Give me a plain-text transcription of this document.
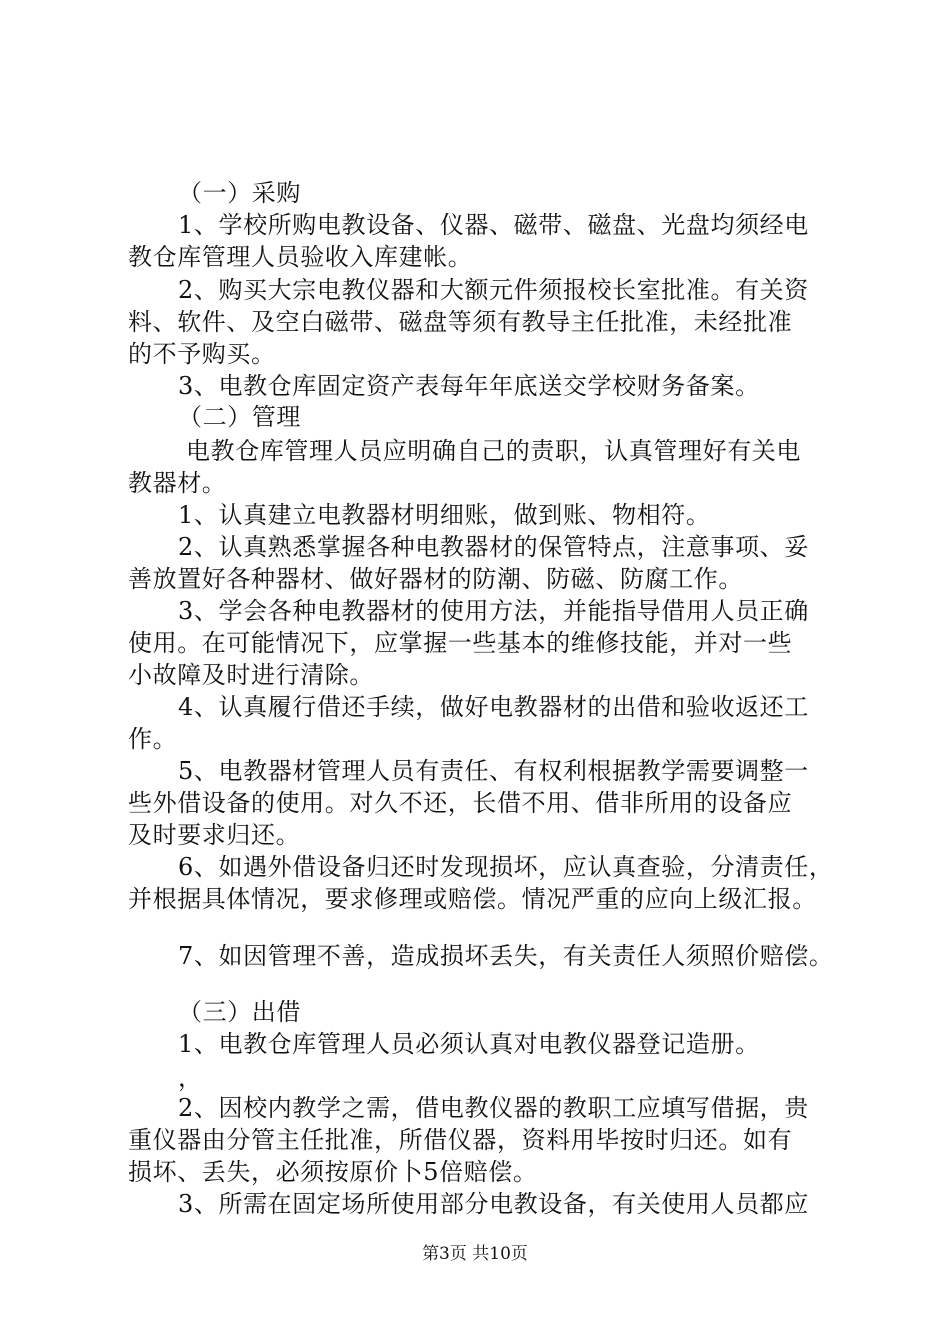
（一）采购
1、学校所购电教设备、仪器、磁带、磁盘、光盘均须经电
教仓库管理人员验收入库建帐。
2、购买大宗电教仪器和大额元件须报校长室批准。有关资
料、软件、及空白磁带、磁盘等须有教导主任批准，未经批准
的不予购买。
3、电教仓库固定资产表每年年底送交学校财务备案。
（二）管理
电教仓库管理人员应明确自己的责职，认真管理好有关电
教器材。
1、认真建立电教器材明细账，做到账、物相符。
2、认真熟悉掌握各种电教器材的保管特点，注意事项、妥
善放置好各种器材、做好器材的防潮、防磁、防腐工作。
3、学会各种电教器材的使用方法，并能指导借用人员正确
使用。在可能情况下，应掌握一些基本的维修技能，并对一些
小故障及时进行清除。
4、认真履行借还手续，做好电教器材的出借和验收返还工
作。
5、电教器材管理人员有责任、有权利根据教学需要调整一
些外借设备的使用。对久不还，长借不用、借非所用的设备应
及时要求归还。
6、如遇外借设备归还时发现损坏，应认真查验，分清责任，
并根据具体情况，要求修理或赔偿。情况严重的应向上级汇报。
7、如因管理不善，造成损坏丢失，有关责任人须照价赔偿。
（三）出借
1、电教仓库管理人员必须认真对电教仪器登记造册。
，
2、因校内教学之需，借电教仪器的教职工应填写借据，贵
重仪器由分管主任批准，所借仪器，资料用毕按时归还。如有
损坏、丢失，必须按原价卜5倍赔偿。
3、所需在固定场所使用部分电教设备，有关使用人员都应
第3页 共10页
